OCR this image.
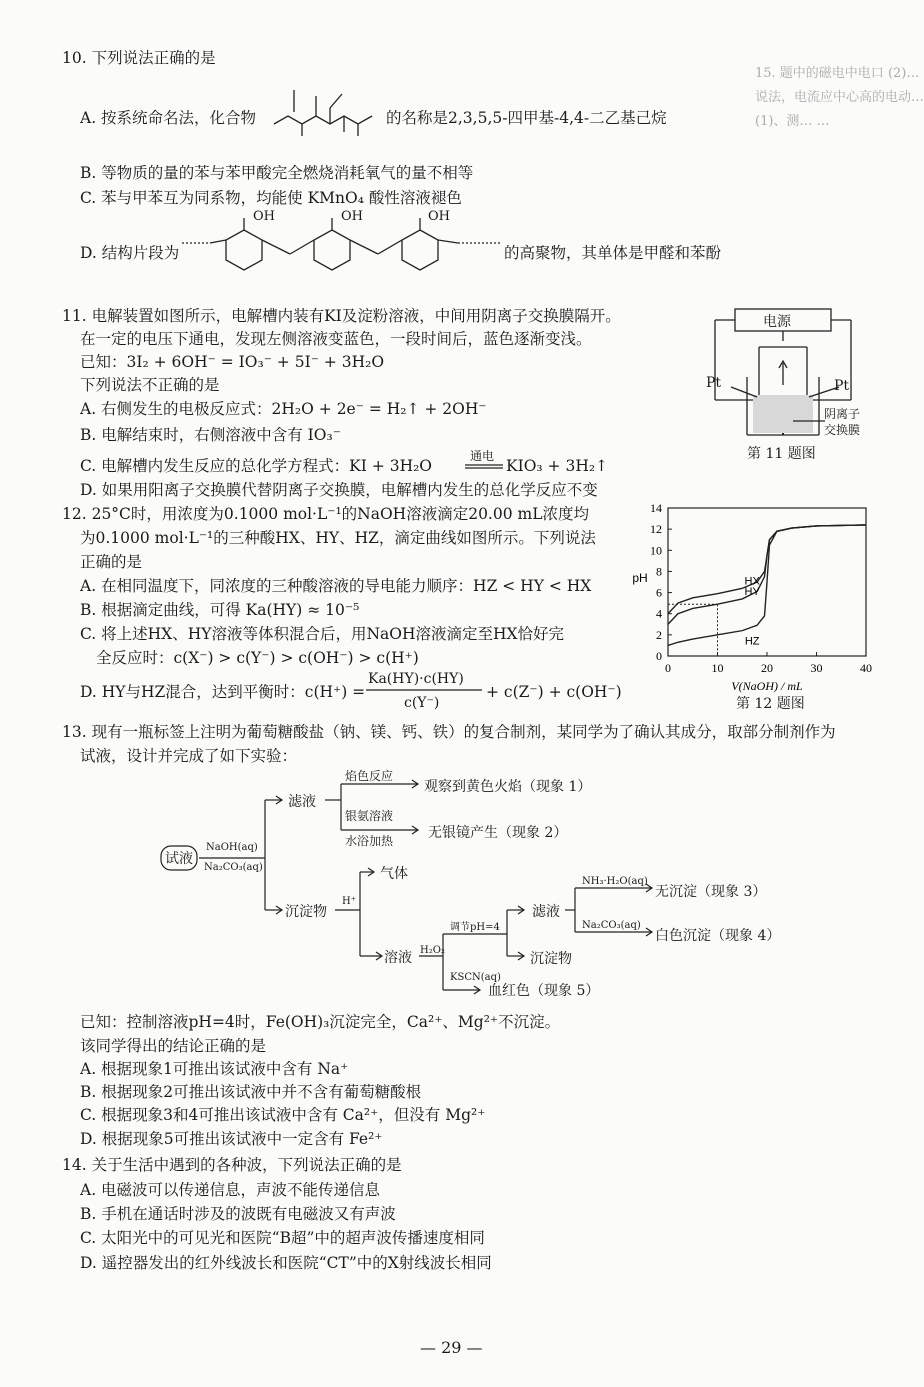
15. 题中的磁电中电口 (2)…
说法，电流应中心高的电动…
(1)、测… …
10. 下列说法正确的是
A. 按系统命名法，化合物	的名称是2,3,5,5-四甲基-4,4-二乙基己烷
B. 等物质的量的苯与苯甲酸完全燃烧消耗氧气的量不相等
C. 苯与甲苯互为同系物，均能使 KMnO₄ 酸性溶液褪色
D. 结构片段为
OH	OH	OH
的高聚物，其单体是甲醛和苯酚
11. 电解装置如图所示，电解槽内装有KI及淀粉溶液，中间用阴离子交换膜隔开。
在一定的电压下通电，发现左侧溶液变蓝色，一段时间后，蓝色逐渐变浅。
已知：3I₂ + 6OH⁻ = IO₃⁻ + 5I⁻ + 3H₂O
下列说法不正确的是
A. 右侧发生的电极反应式：2H₂O + 2e⁻ = H₂↑ + 2OH⁻
B. 电解结束时，右侧溶液中含有 IO₃⁻
C. 电解槽内发生反应的总化学方程式：KI + 3H₂O
通电
KIO₃ + 3H₂↑
D. 如果用阳离子交换膜代替阴离子交换膜，电解槽内发生的总化学反应不变
电源
Pt	Pt
阴离子
交换膜
第 11 题图
12. 25°C时，用浓度为0.1000 mol·L⁻¹的NaOH溶液滴定20.00 mL浓度均
为0.1000 mol·L⁻¹的三种酸HX、HY、HZ，滴定曲线如图所示。下列说法
正确的是
A. 在相同温度下，同浓度的三种酸溶液的导电能力顺序：HZ < HY < HX
B. 根据滴定曲线，可得 Ka(HY) ≈ 10⁻⁵
C. 将上述HX、HY溶液等体积混合后，用NaOH溶液滴定至HX恰好完
全反应时：c(X⁻) > c(Y⁻) > c(OH⁻) > c(H⁺)
D. HY与HZ混合，达到平衡时：c(H⁺) =
Ka(HY)·c(HY)
c(Y⁻)
+ c(Z⁻) + c(OH⁻)
0
2
4
6
8
10
12
14
0	10	20	30	40
HX
HY
HZ
V(NaOH) / mL
pH
第 12 题图
13. 现有一瓶标签上注明为葡萄糖酸盐（钠、镁、钙、铁）的复合制剂，某同学为了确认其成分，取部分制剂作为
试液，设计并完成了如下实验：
试液
NaOH(aq)
Na₂CO₃(aq)
滤液
焰色反应
观察到黄色火焰（现象 1）
银氨溶液
水浴加热 无银镜产生（现象 2）
沉淀物
H⁺
气体
溶液
调节pH=4
滤液
NH₃·H₂O(aq)
无沉淀（现象 3）
Na₂CO₃(aq)
白色沉淀（现象 4）
沉淀物
H₂O₂
KSCN(aq)
血红色（现象 5）
已知：控制溶液pH=4时，Fe(OH)₃沉淀完全，Ca²⁺、Mg²⁺不沉淀。
该同学得出的结论正确的是
A. 根据现象1可推出该试液中含有 Na⁺
B. 根据现象2可推出该试液中并不含有葡萄糖酸根
C. 根据现象3和4可推出该试液中含有 Ca²⁺，但没有 Mg²⁺
D. 根据现象5可推出该试液中一定含有 Fe²⁺
14. 关于生活中遇到的各种波，下列说法正确的是
A. 电磁波可以传递信息，声波不能传递信息
B. 手机在通话时涉及的波既有电磁波又有声波
C. 太阳光中的可见光和医院“B超”中的超声波传播速度相同
D. 遥控器发出的红外线波长和医院“CT”中的X射线波长相同
— 29 —
